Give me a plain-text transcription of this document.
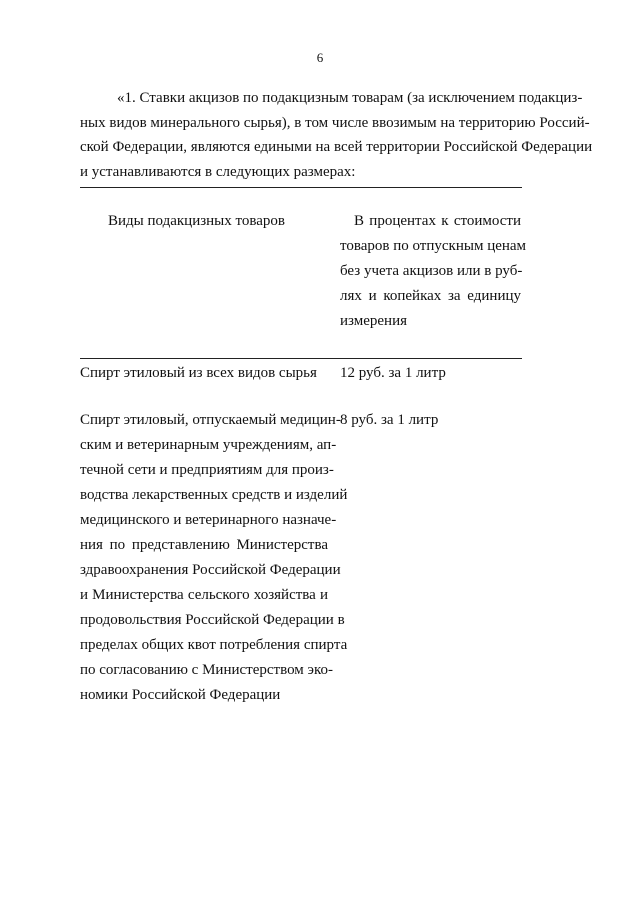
6
«1. Ставки акцизов по подакцизным товарам (за исключением подакциз-
ных видов минерального сырья), в том числе ввозимым на территорию Россий-
ской Федерации, являются едиными на всей территории Российской Федерации
и устанавливаются в следующих размерах:
Виды подакцизных товаров	В процентах к стоимости
товаров по отпускным ценам
без учета акцизов или в руб-
лях и копейках за единицу
измерения
Спирт этиловый из всех видов сырья 12 руб. за 1 литр
Спирт этиловый, отпускаемый медицин-
ским и ветеринарным учреждениям, ап-
течной сети и предприятиям для произ-
водства лекарственных средств и изделий
медицинского и ветеринарного назначе-
ния по представлению Министерства
здравоохранения Российской Федерации
и Министерства сельского хозяйства и
продовольствия Российской Федерации в
пределах общих квот потребления спирта
по согласованию с Министерством эко-
номики Российской Федерации
8 руб. за 1 литр
